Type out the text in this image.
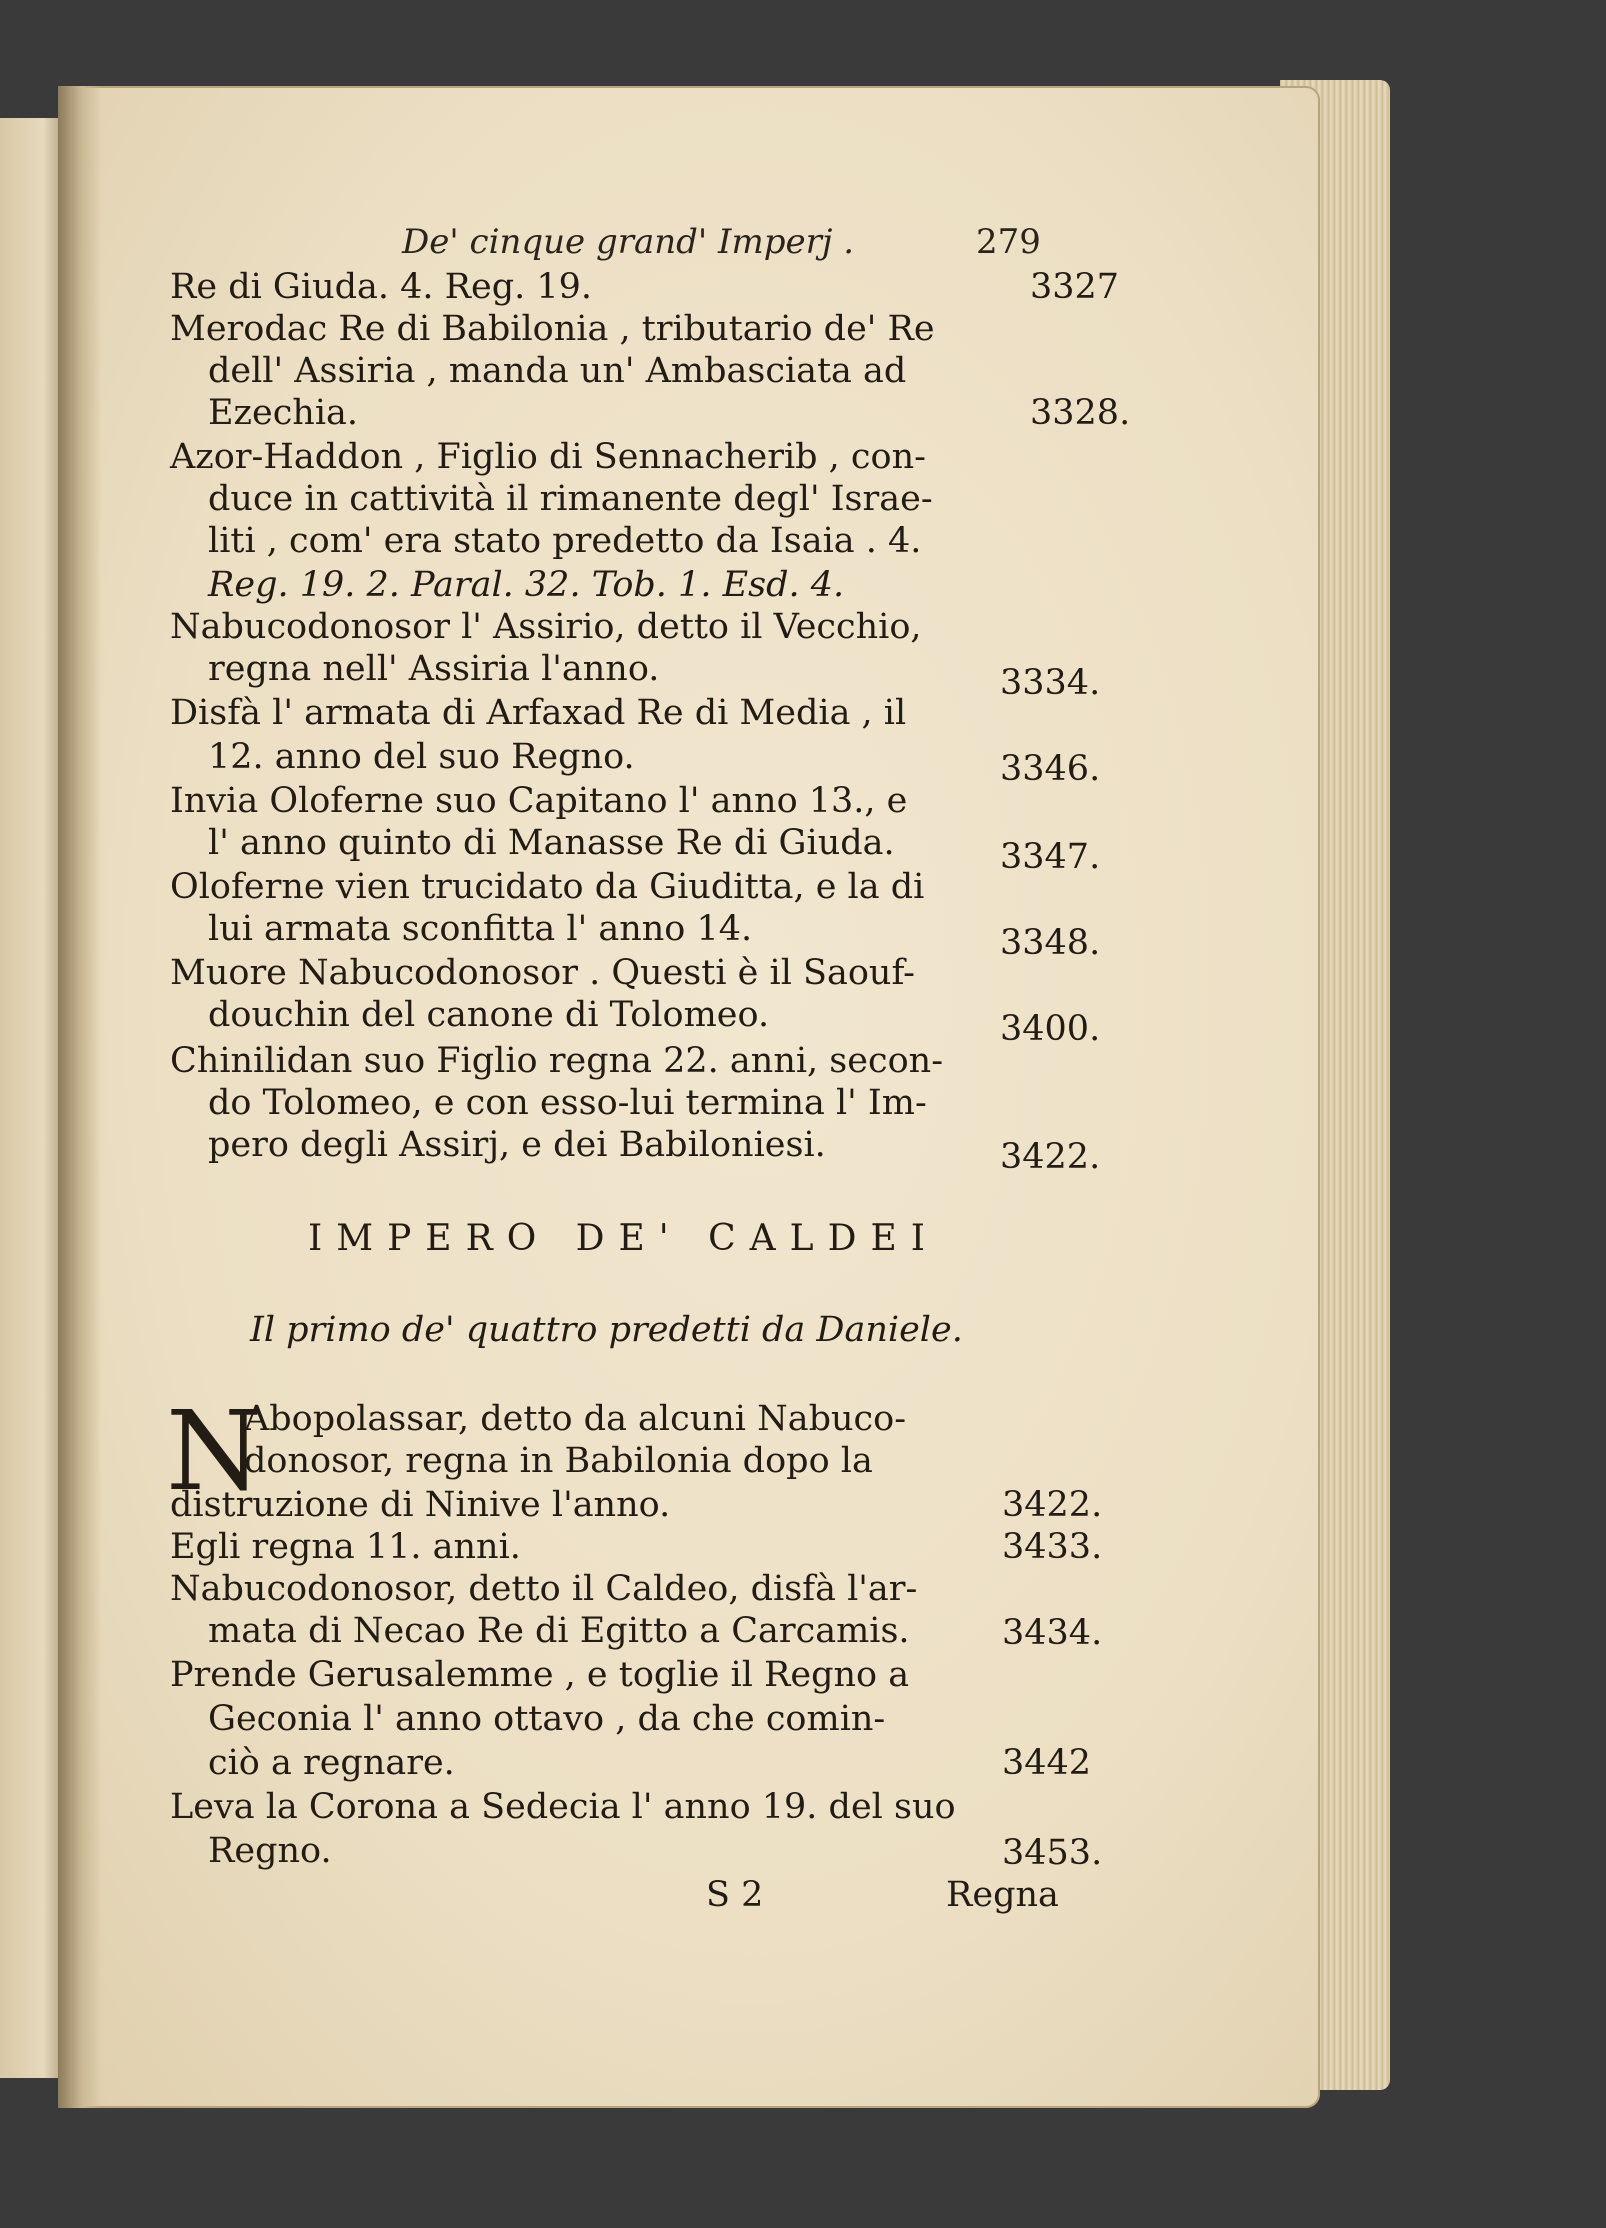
De' cinque grand' Imperj .	279
Re di Giuda. 4. Reg. 19.	3327
Merodac Re di Babilonia , tributario de' Re
dell' Assiria , manda un' Ambasciata ad
Ezechia.	3328.
Azor-Haddon , Figlio di Sennacherib , con-
duce in cattività il rimanente degl' Israe-
liti , com' era stato predetto da Isaia . 4.
Reg. 19. 2. Paral. 32. Tob. 1. Esd. 4.
Nabucodonosor l' Assirio, detto il Vecchio,
regna nell' Assiria l'anno.	3334.
Disfà l' armata di Arfaxad Re di Media , il
12. anno del suo Regno.	3346.
Invia Oloferne suo Capitano l' anno 13., e
l' anno quinto di Manasse Re di Giuda.	3347.
Oloferne vien trucidato da Giuditta, e la di
lui armata sconfitta l' anno 14.	3348.
Muore Nabucodonosor . Questi è il Saouf-
douchin del canone di Tolomeo.	3400.
Chinilidan suo Figlio regna 22. anni, secon-
do Tolomeo, e con esso-lui termina l' Im-
pero degli Assirj, e dei Babiloniesi.	3422.
IMPERO DE' CALDEI
Il primo de' quattro predetti da Daniele.
N
Abopolassar, detto da alcuni Nabuco-
donosor, regna in Babilonia dopo la
distruzione di Ninive l'anno.	3422.
Egli regna 11. anni.	3433.
Nabucodonosor, detto il Caldeo, disfà l'ar-
mata di Necao Re di Egitto a Carcamis.	3434.
Prende Gerusalemme , e toglie il Regno a
Geconia l' anno ottavo , da che comin-
ciò a regnare.	3442
Leva la Corona a Sedecia l' anno 19. del suo
Regno.	3453.
S 2	Regna
